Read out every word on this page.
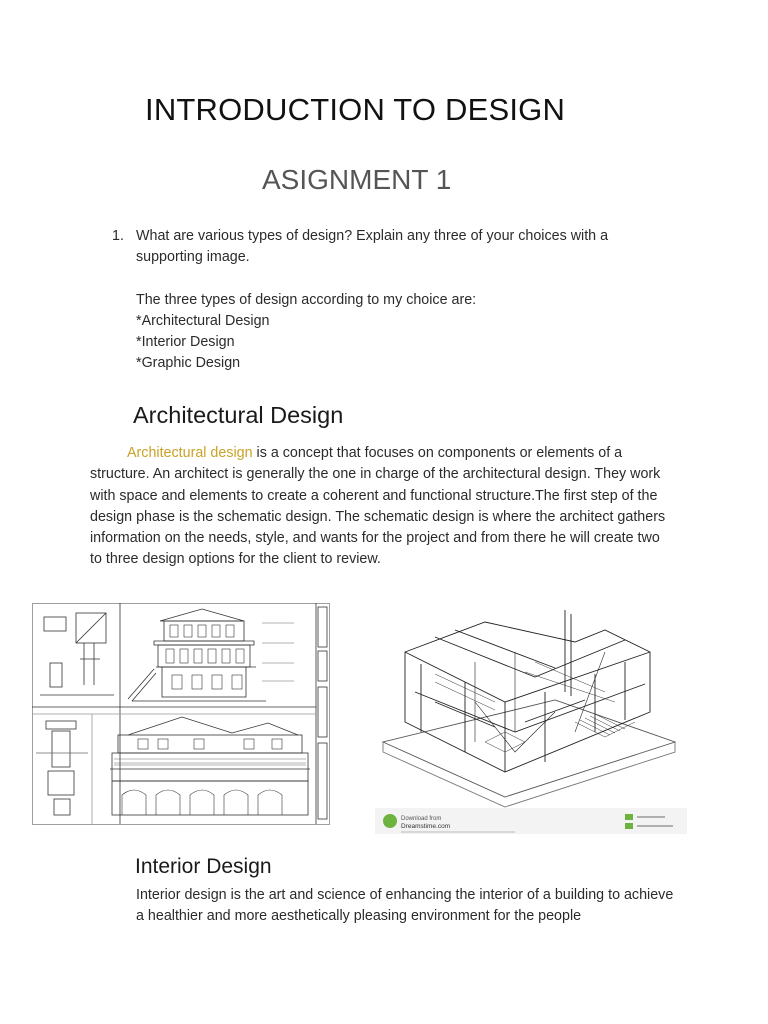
INTRODUCTION TO DESIGN
ASIGNMENT 1
1. What are various types of design? Explain any three of your choices with a supporting image.
The three types of design according to my choice are:
*Architectural Design
*Interior Design
*Graphic Design
Architectural Design
Architectural design is a concept that focuses on components or elements of a structure. An architect is generally the one in charge of the architectural design. They work with space and elements to create a coherent and functional structure.The first step of the design phase is the schematic design. The schematic design is where the architect gathers information on the needs, style, and wants for the project and from there he will create two to three design options for the client to review.
Download from
Dreamstime.com
Interior Design
Interior design is the art and science of enhancing the interior of a building to achieve a healthier and more aesthetically pleasing environment for the people
